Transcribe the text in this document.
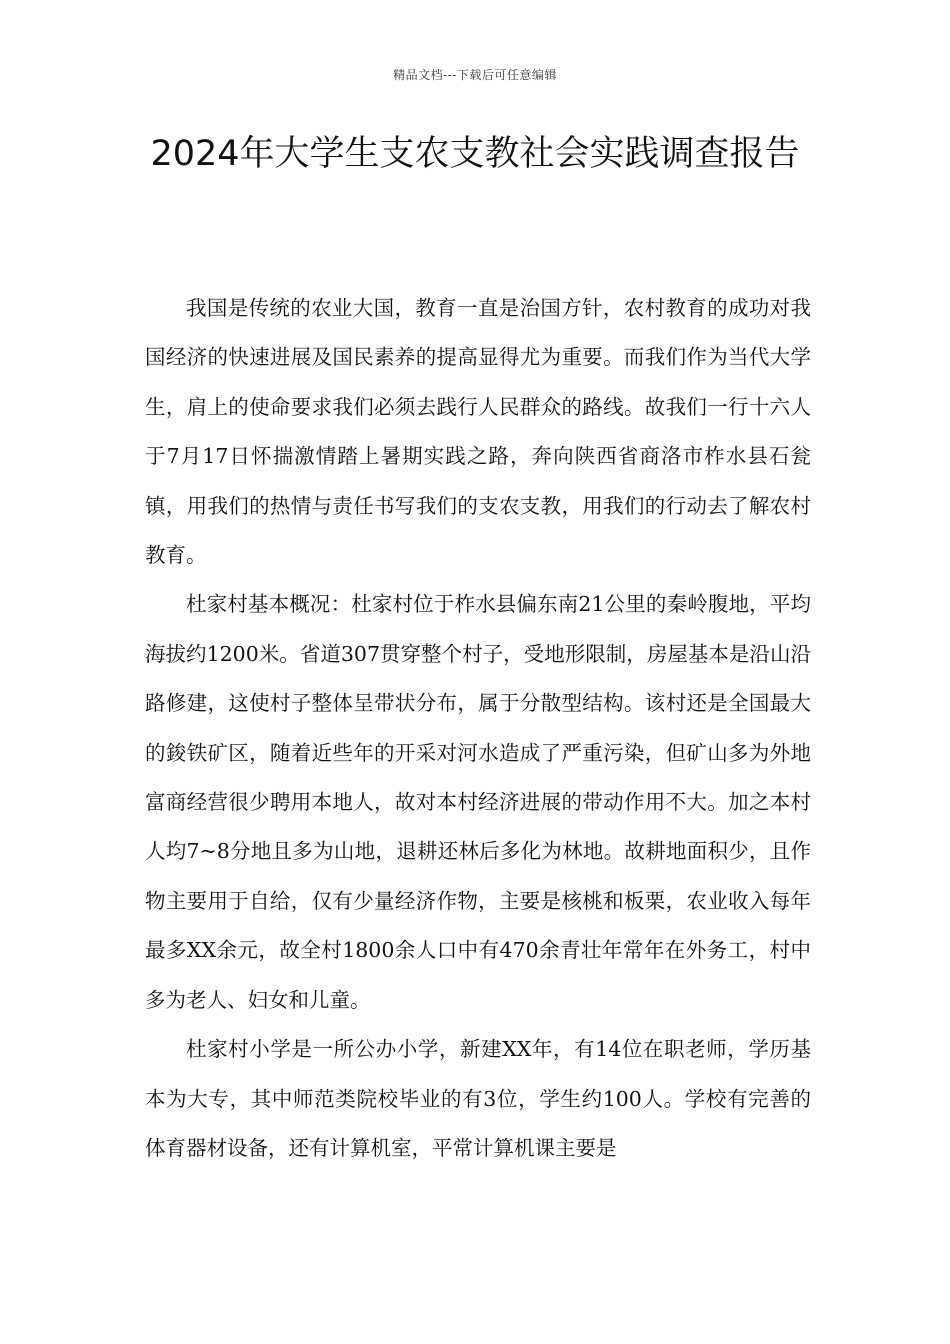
精品文档---下载后可任意编辑
2024年大学生支农支教社会实践调查报告

我国是传统的农业大国，教育一直是治国方针，农村教育的成功对我国经济的快速进展及国民素养的提高显得尤为重要。而我们作为当代大学生，肩上的使命要求我们必须去践行人民群众的路线。故我们一行十六人于7月17日怀揣激情踏上暑期实践之路，奔向陕西省商洛市柞水县石瓮镇，用我们的热情与责任书写我们的支农支教，用我们的行动去了解农村教育。

杜家村基本概况：杜家村位于柞水县偏东南21公里的秦岭腹地，平均海拔约1200米。省道307贯穿整个村子，受地形限制，房屋基本是沿山沿路修建，这使村子整体呈带状分布，属于分散型结构。该村还是全国最大的鋑铁矿区，随着近些年的开采对河水造成了严重污染，但矿山多为外地富商经营很少聘用本地人，故对本村经济进展的带动作用不大。加之本村人均7~8分地且多为山地，退耕还林后多化为林地。故耕地面积少，且作物主要用于自给，仅有少量经济作物，主要是核桃和板栗，农业收入每年最多XX余元，故全村1800余人口中有470余青壮年常年在外务工，村中多为老人、妇女和儿童。

杜家村小学是一所公办小学，新建XX年，有14位在职老师，学历基本为大专，其中师范类院校毕业的有3位，学生约100人。学校有完善的体育器材设备，还有计算机室，平常计算机课主要是
